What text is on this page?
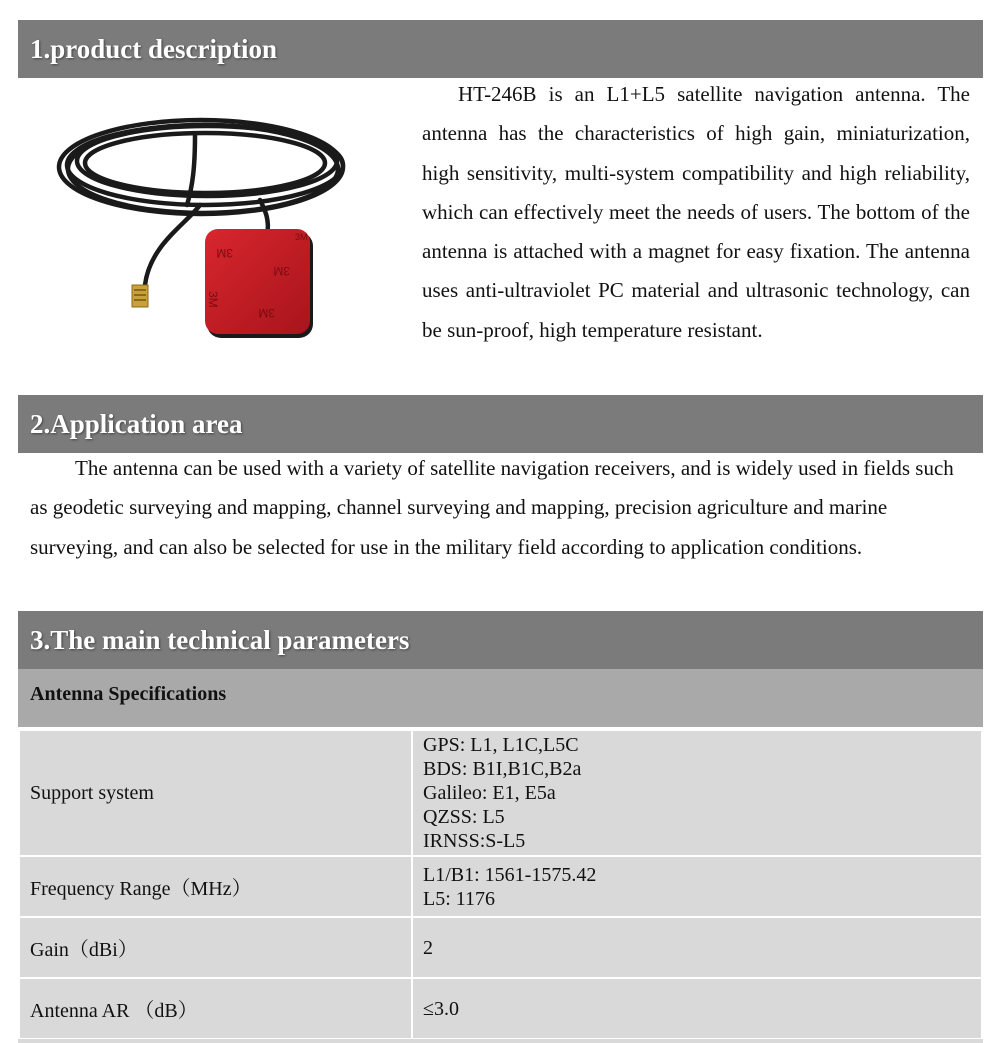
1.product description
3M
3M
3M
3M
3M

HT-246B is an L1+L5 satellite navigation antenna. The antenna has the characteristics of high gain, miniaturization, high sensitivity, multi-system compatibility and high reliability, which can effectively meet the needs of users. The bottom of the antenna is attached with a magnet for easy fixation. The antenna uses anti-ultraviolet PC material and ultrasonic technology, can be sun-proof, high temperature resistant.

2.Application area

The antenna can be used with a variety of satellite navigation receivers, and is widely used in fields such as geodetic surveying and mapping, channel surveying and mapping, precision agriculture and marine surveying, and can also be selected for use in the military field according to application conditions.

3.The main technical parameters
Antenna Specifications
Support system	GPS: L1, L1C,L5C
BDS: B1I,B1C,B2a
Galileo: E1, E5a
QZSS: L5
IRNSS:S-L5

Frequency Range（MHz）	L1/B1: 1561-1575.42
L5: 1176

Gain（dBi）	2

Antenna AR （dB）	≤3.0
